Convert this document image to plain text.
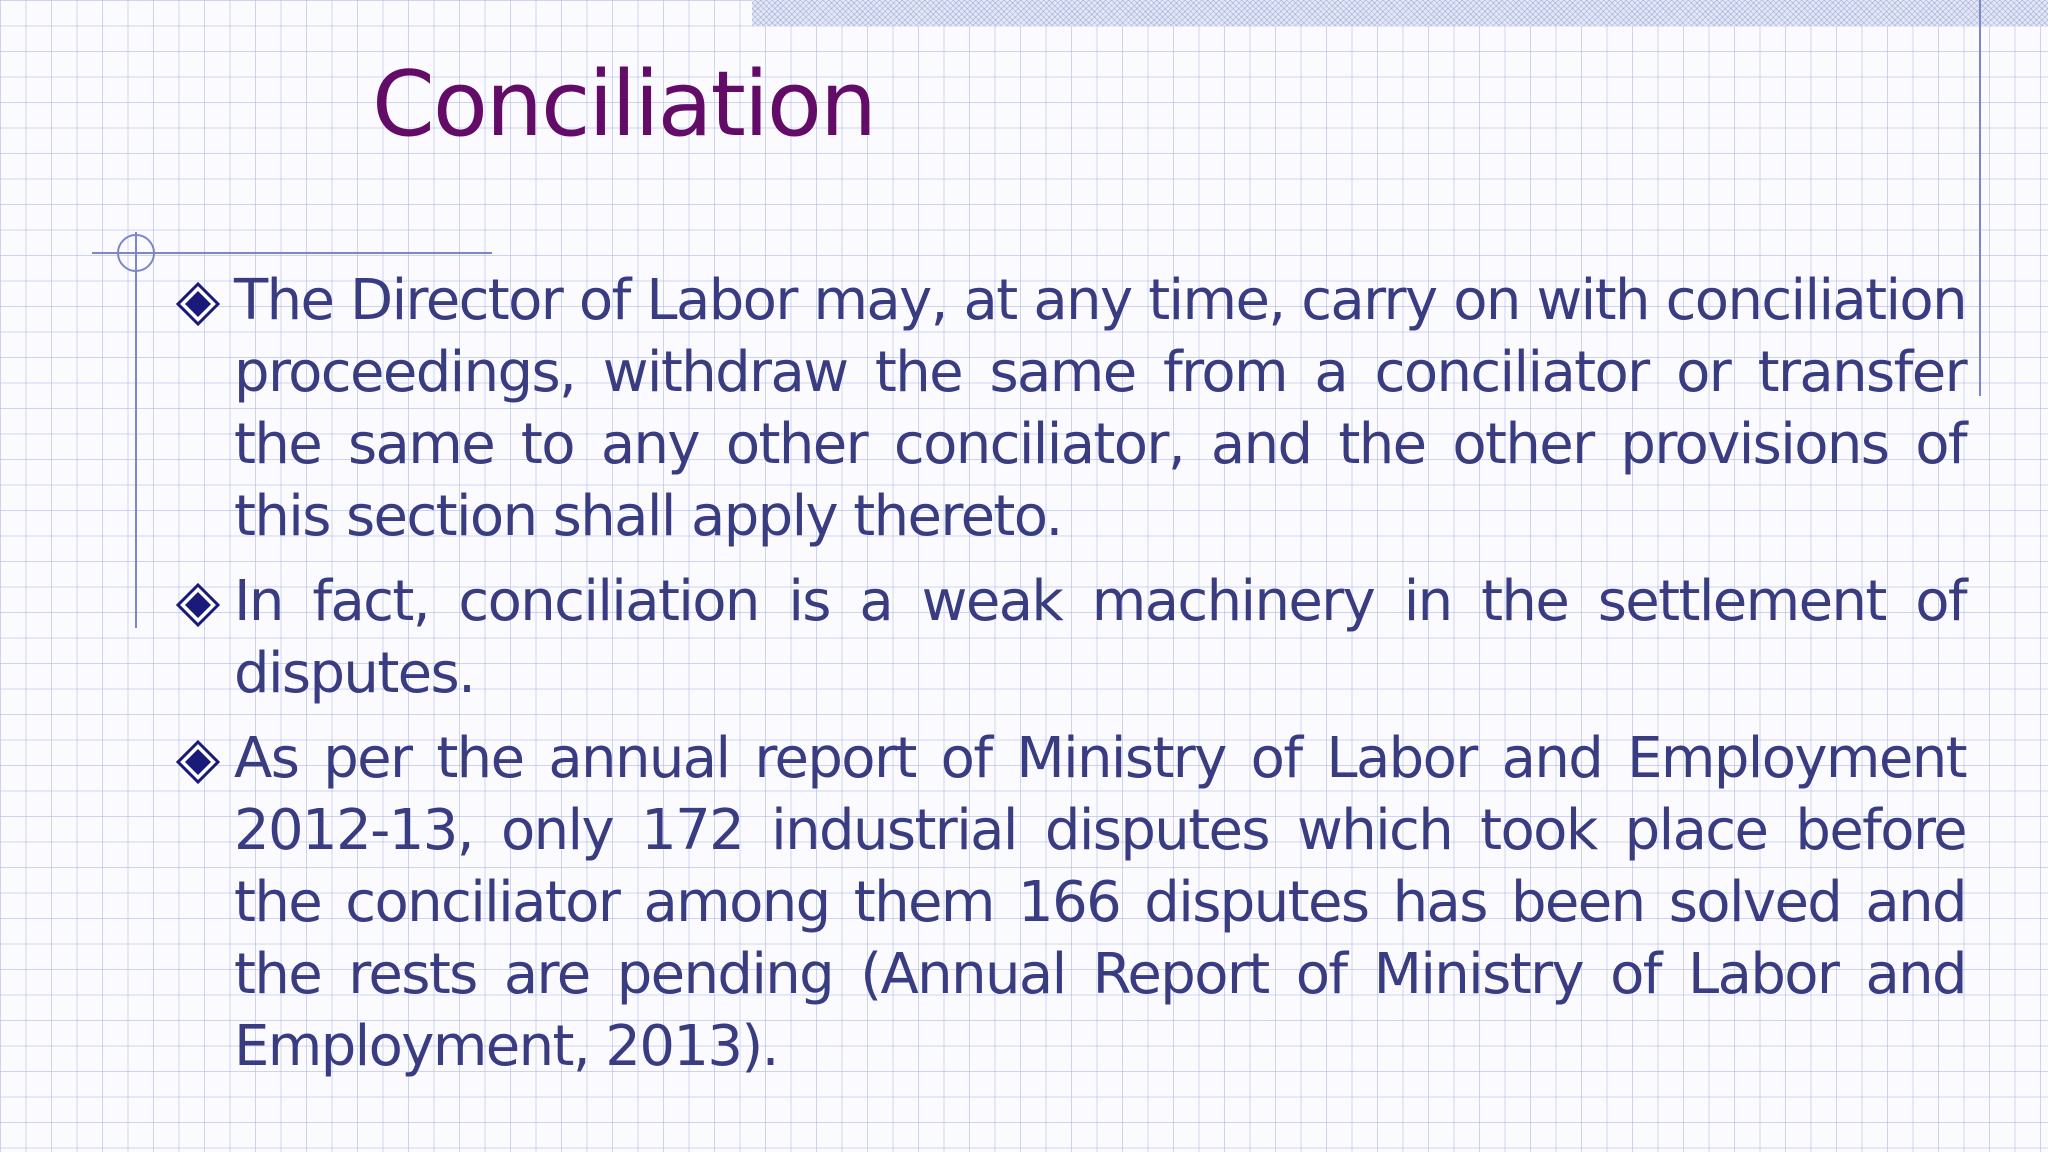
Conciliation

The Director of Labor may, at any time, carry on with conciliation proceedings, withdraw the same from a conciliator or transfer the same to any other conciliator, and the other provisions of this section shall apply thereto.

In fact, conciliation is a weak machinery in the settlement of disputes.

As per the annual report of Ministry of Labor and Employment 2012-13, only 172 industrial disputes which took place before the conciliator among them 166 disputes has been solved and the rests are pending (Annual Report of Ministry of Labor and Employment, 2013).
